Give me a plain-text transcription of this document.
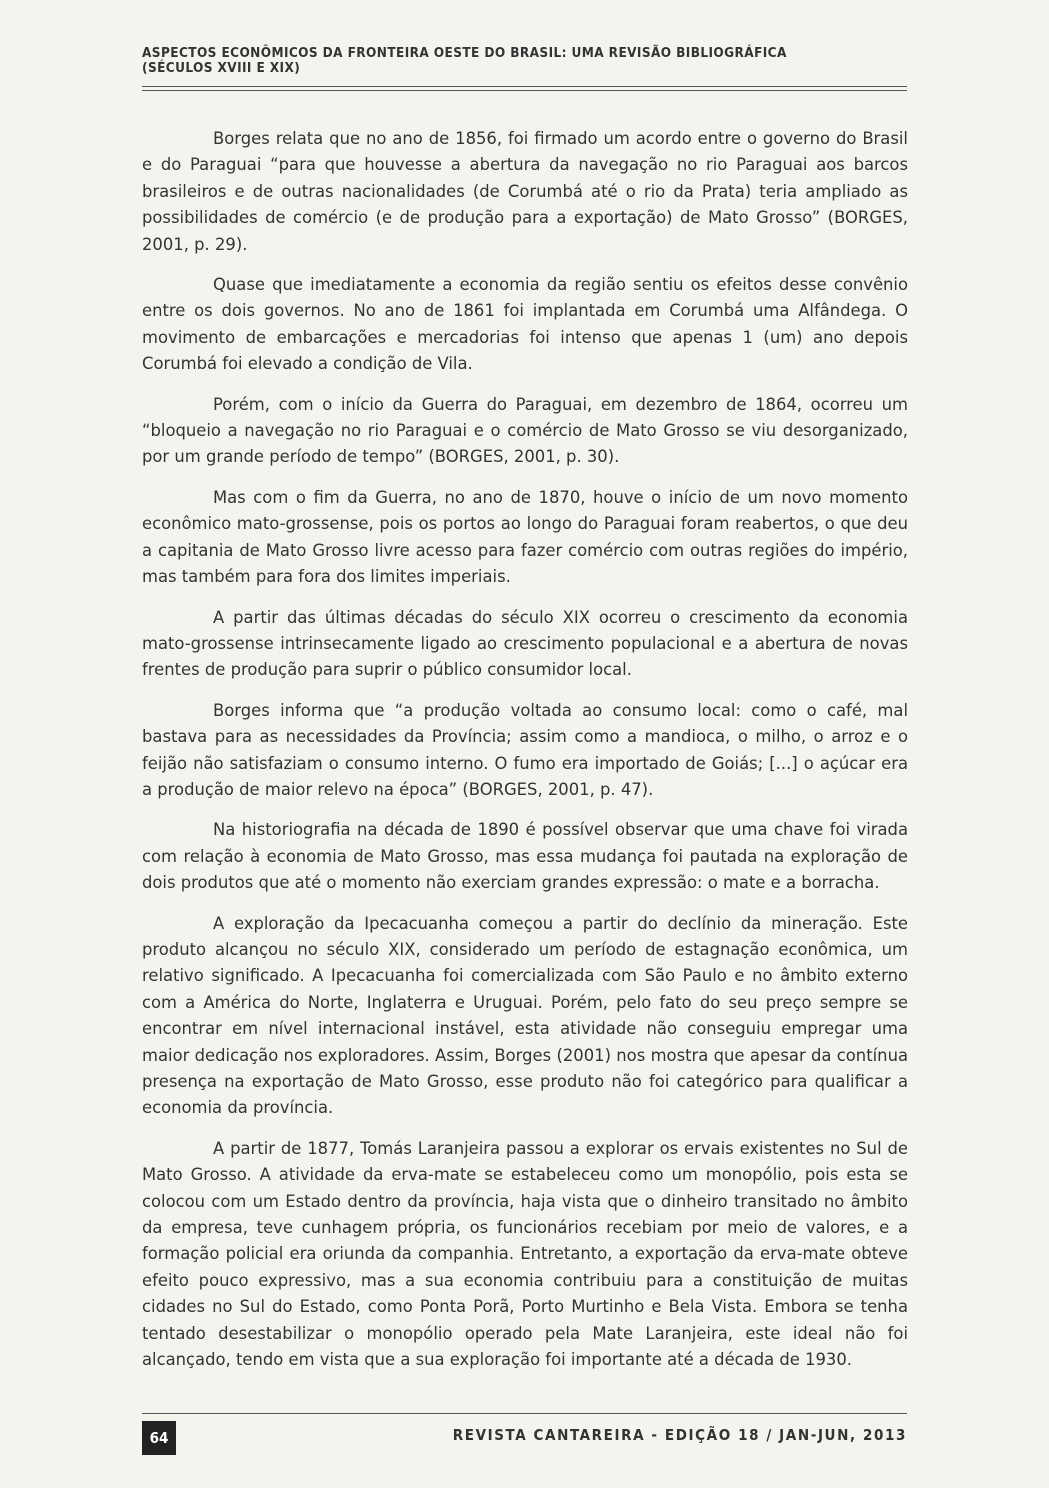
ASPECTOS ECONÔMICOS DA FRONTEIRA OESTE DO BRASIL: UMA REVISÃO BIBLIOGRÁFICA (SÉCULOS XVIII E XIX)

Borges relata que no ano de 1856, foi firmado um acordo entre o governo do Brasil e do Paraguai “para que houvesse a abertura da navegação no rio Paraguai aos barcos brasileiros e de outras nacionalidades (de Corumbá até o rio da Prata) teria ampliado as possibilidades de comércio (e de produção para a exportação) de Mato Grosso” (BORGES, 2001, p. 29).

Quase que imediatamente a economia da região sentiu os efeitos desse convênio entre os dois governos. No ano de 1861 foi implantada em Corumbá uma Alfândega. O movimento de embarcações e mercadorias foi intenso que apenas 1 (um) ano depois Corumbá foi elevado a condição de Vila.

Porém, com o início da Guerra do Paraguai, em dezembro de 1864, ocorreu um “bloqueio a navegação no rio Paraguai e o comércio de Mato Grosso se viu desorganizado, por um grande período de tempo” (BORGES, 2001, p. 30).

Mas com o fim da Guerra, no ano de 1870, houve o início de um novo momento econômico mato-grossense, pois os portos ao longo do Paraguai foram reabertos, o que deu a capitania de Mato Grosso livre acesso para fazer comércio com outras regiões do império, mas também para fora dos limites imperiais.

A partir das últimas décadas do século XIX ocorreu o crescimento da economia mato-grossense intrinsecamente ligado ao crescimento populacional e a abertura de novas frentes de produção para suprir o público consumidor local.

Borges informa que “a produção voltada ao consumo local: como o café, mal bastava para as necessidades da Província; assim como a mandioca, o milho, o arroz e o feijão não satisfaziam o consumo interno. O fumo era importado de Goiás; [...] o açúcar era a produção de maior relevo na época” (BORGES, 2001, p. 47).

Na historiografia na década de 1890 é possível observar que uma chave foi virada com relação à economia de Mato Grosso, mas essa mudança foi pautada na exploração de dois produtos que até o momento não exerciam grandes expressão: o mate e a borracha.

A exploração da Ipecacuanha começou a partir do declínio da mineração. Este produto alcançou no século XIX, considerado um período de estagnação econômica, um relativo significado. A Ipecacuanha foi comercializada com São Paulo e no âmbito externo com a América do Norte, Inglaterra e Uruguai. Porém, pelo fato do seu preço sempre se encontrar em nível internacional instável, esta atividade não conseguiu empregar uma maior dedicação nos exploradores. Assim, Borges (2001) nos mostra que apesar da contínua presença na exportação de Mato Grosso, esse produto não foi categórico para qualificar a economia da província.

A partir de 1877, Tomás Laranjeira passou a explorar os ervais existentes no Sul de Mato Grosso. A atividade da erva-mate se estabeleceu como um monopólio, pois esta se colocou com um Estado dentro da província, haja vista que o dinheiro transitado no âmbito da empresa, teve cunhagem própria, os funcionários recebiam por meio de valores, e a formação policial era oriunda da companhia. Entretanto, a exportação da erva-mate obteve efeito pouco expressivo, mas a sua economia contribuiu para a constituição de muitas cidades no Sul do Estado, como Ponta Porã, Porto Murtinho e Bela Vista. Embora se tenha tentado desestabilizar o monopólio operado pela Mate Laranjeira, este ideal não foi alcançado, tendo em vista que a sua exploração foi importante até a década de 1930.

64	REVISTA CANTAREIRA - EDIÇÃO 18 / JAN-JUN, 2013
